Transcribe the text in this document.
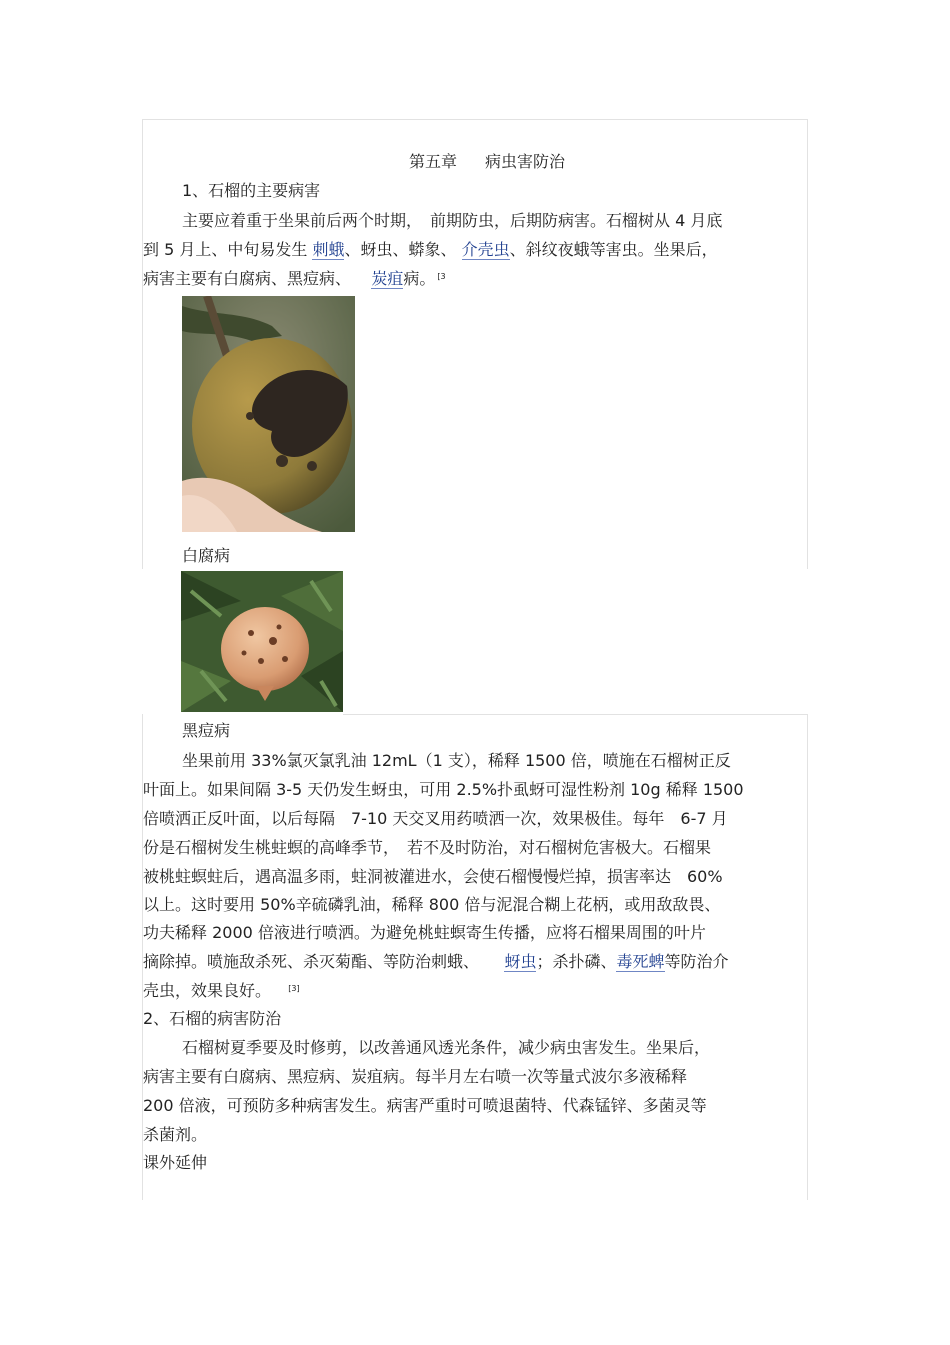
第五章 病虫害防治
1、石榴的主要病害
主要应着重于坐果前后两个时期，　前期防虫，后期防病害。石榴树从 4 月底
到 5 月上、中旬易发生 刺蛾、蚜虫、蟒象、 介壳虫、斜纹夜蛾等害虫。坐果后，
病害主要有白腐病、黑痘病、 炭疽病。 $^{[3}$
白腐病
黑痘病
坐果前用 33%氯灭氯乳油 12mL（1 支），稀释 1500 倍，喷施在石榴树正反
叶面上。如果间隔 3-5 天仍发生蚜虫，可用 2.5%扑虱蚜可湿性粉剂 10g 稀释 1500
倍喷洒正反叶面，以后每隔　7-10 天交叉用药喷洒一次，效果极佳。每年　6-7 月
份是石榴树发生桃蛀螟的高峰季节，　若不及时防治，对石榴树危害极大。石榴果
被桃蛀螟蛀后，遇高温多雨，蛀洞被灌进水，会使石榴慢慢烂掉，损害率达　60%
以上。这时要用 50%辛硫磷乳油，稀释 800 倍与泥混合糊上花柄，或用敌敌畏、
功夫稀释 2000 倍液进行喷洒。为避免桃蛀螟寄生传播，应将石榴果周围的叶片
摘除掉。喷施敌杀死、杀灭菊酯、等防治刺蛾、 蚜虫；杀扑磷、毒死蜱等防治介
壳虫，效果良好。 [3]
2、石榴的病害防治
石榴树夏季要及时修剪，以改善通风透光条件，减少病虫害发生。坐果后，
病害主要有白腐病、黑痘病、炭疽病。每半月左右喷一次等量式波尔多液稀释
200 倍液，可预防多种病害发生。病害严重时可喷退菌特、代森锰锌、多菌灵等
杀菌剂。
课外延伸
